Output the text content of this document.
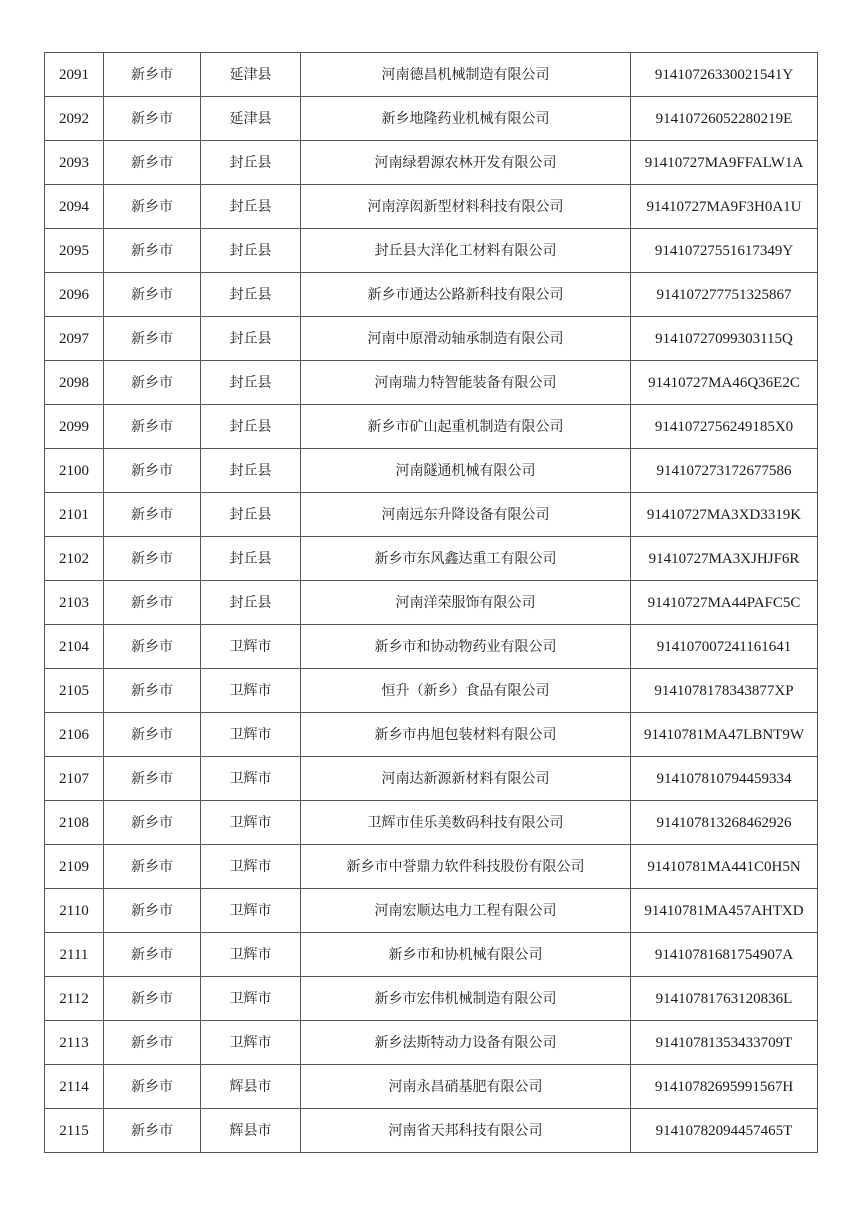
2091	新乡市	延津县	河南德昌机械制造有限公司	91410726330021541Y
2092	新乡市	延津县	新乡地隆药业机械有限公司	91410726052280219E
2093	新乡市	封丘县	河南绿碧源农林开发有限公司	91410727MA9FFALW1A
2094	新乡市	封丘县	河南淳闳新型材料科技有限公司	91410727MA9F3H0A1U
2095	新乡市	封丘县	封丘县大洋化工材料有限公司	91410727551617349Y
2096	新乡市	封丘县	新乡市通达公路新科技有限公司	914107277751325867
2097	新乡市	封丘县	河南中原滑动轴承制造有限公司	91410727099303115Q
2098	新乡市	封丘县	河南瑞力特智能装备有限公司	91410727MA46Q36E2C
2099	新乡市	封丘县	新乡市矿山起重机制造有限公司	9141072756249185X0
2100	新乡市	封丘县	河南隧通机械有限公司	914107273172677586
2101	新乡市	封丘县	河南远东升降设备有限公司	91410727MA3XD3319K
2102	新乡市	封丘县	新乡市东风鑫达重工有限公司	91410727MA3XJHJF6R
2103	新乡市	封丘县	河南洋荣服饰有限公司	91410727MA44PAFC5C
2104	新乡市	卫辉市	新乡市和协动物药业有限公司	914107007241161641
2105	新乡市	卫辉市	恒升（新乡）食品有限公司	9141078178343877XP
2106	新乡市	卫辉市	新乡市冉旭包装材料有限公司	91410781MA47LBNT9W
2107	新乡市	卫辉市	河南达新源新材料有限公司	914107810794459334
2108	新乡市	卫辉市	卫辉市佳乐美数码科技有限公司	914107813268462926
2109	新乡市	卫辉市	新乡市中誉鼎力软件科技股份有限公司	91410781MA441C0H5N
2110	新乡市	卫辉市	河南宏顺达电力工程有限公司	91410781MA457AHTXD
2111	新乡市	卫辉市	新乡市和协机械有限公司	91410781681754907A
2112	新乡市	卫辉市	新乡市宏伟机械制造有限公司	91410781763120836L
2113	新乡市	卫辉市	新乡法斯特动力设备有限公司	91410781353433709T
2114	新乡市	辉县市	河南永昌硝基肥有限公司	91410782695991567H
2115	新乡市	辉县市	河南省天邦科技有限公司	91410782094457465T
